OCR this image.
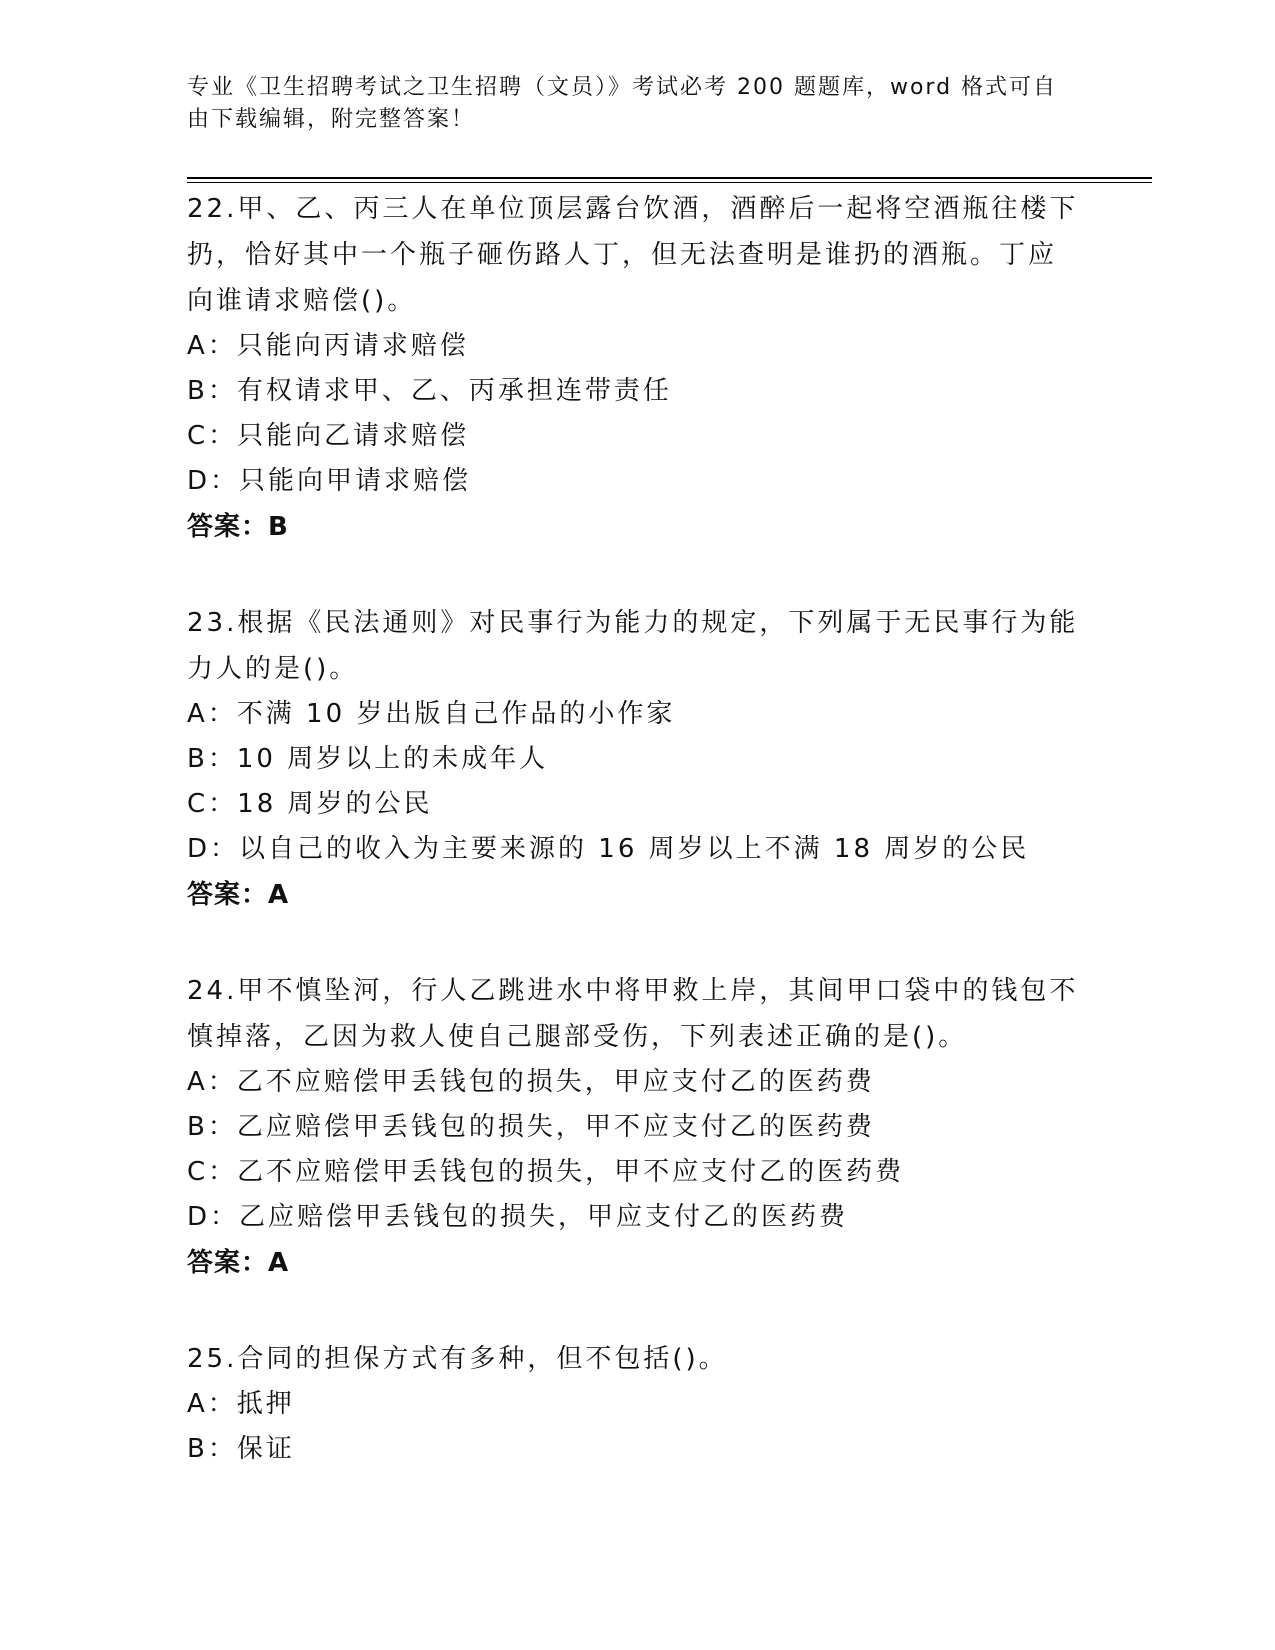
专业《卫生招聘考试之卫生招聘（文员）》考试必考 200 题题库，word 格式可自
由下载编辑，附完整答案！
22.甲、乙、丙三人在单位顶层露台饮酒，酒醉后一起将空酒瓶往楼下
扔，恰好其中一个瓶子砸伤路人丁，但无法查明是谁扔的酒瓶。丁应
向谁请求赔偿()。
A：只能向丙请求赔偿
B：有权请求甲、乙、丙承担连带责任
C：只能向乙请求赔偿
D：只能向甲请求赔偿
答案：B
23.根据《民法通则》对民事行为能力的规定，下列属于无民事行为能
力人的是()。
A：不满 10 岁出版自己作品的小作家
B：10 周岁以上的未成年人
C：18 周岁的公民
D：以自己的收入为主要来源的 16 周岁以上不满 18 周岁的公民
答案：A
24.甲不慎坠河，行人乙跳进水中将甲救上岸，其间甲口袋中的钱包不
慎掉落，乙因为救人使自己腿部受伤，下列表述正确的是()。
A：乙不应赔偿甲丢钱包的损失，甲应支付乙的医药费
B：乙应赔偿甲丢钱包的损失，甲不应支付乙的医药费
C：乙不应赔偿甲丢钱包的损失，甲不应支付乙的医药费
D：乙应赔偿甲丢钱包的损失，甲应支付乙的医药费
答案：A
25.合同的担保方式有多种，但不包括()。
A：抵押
B：保证
